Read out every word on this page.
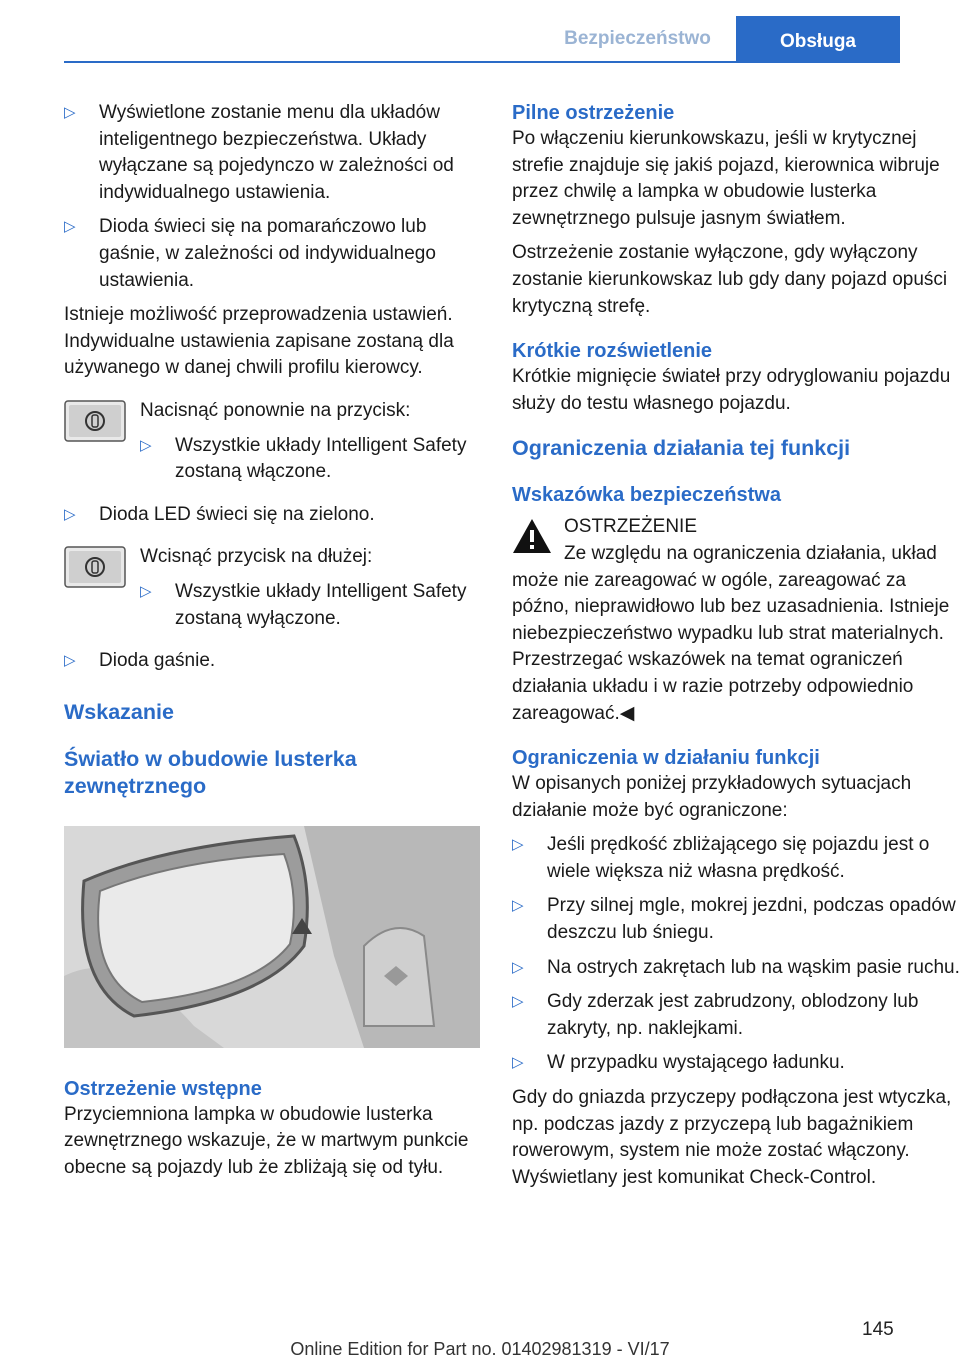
Bezpieczeństwo	Obsługa
▷ Wyświetlone zostanie menu dla układów inteligentnego bezpieczeństwa. Układy wyłączane są pojedynczo w zależności od indywidualnego ustawienia.
▷ Dioda świeci się na pomarańczowo lub gaśnie, w zależności od indywidualnego ustawienia.

Istnieje możliwość przeprowadzenia ustawień. Indywidualne ustawienia zapisane zostaną dla używanego w danej chwili profilu kierowcy.

Nacisnąć ponownie na przycisk:

▷ Wszystkie układy Intelligent Safety zostaną włączone.
▷ Dioda LED świeci się na zielono.

Wcisnąć przycisk na dłużej:

▷ Wszystkie układy Intelligent Safety zostaną wyłączone.
▷ Dioda gaśnie.
Wskazanie
Światło w obudowie lusterka zewnętrznego
Ostrzeżenie wstępne

Przyciemniona lampka w obudowie lusterka zewnętrznego wskazuje, że w martwym punkcie obecne są pojazdy lub że zbliżają się od tyłu.

Pilne ostrzeżenie

Po włączeniu kierunkowskazu, jeśli w krytycznej strefie znajduje się jakiś pojazd, kierownica wibruje przez chwilę a lampka w obudowie lusterka zewnętrznego pulsuje jasnym światłem.

Ostrzeżenie zostanie wyłączone, gdy wyłączony zostanie kierunkowskaz lub gdy dany pojazd opuści krytyczną strefę.

Krótkie rozświetlenie

Krótkie mignięcie świateł przy odryglowaniu pojazdu służy do testu własnego pojazdu.

Ograniczenia działania tej funkcji
Wskazówka bezpieczeństwa
OSTRZEŻENIE

Ze względu na ograniczenia działania, układ może nie zareagować w ogóle, zareagować za późno, nieprawidłowo lub bez uzasadnienia. Istnieje niebezpieczeństwo wypadku lub strat materialnych. Przestrzegać wskazówek na temat ograniczeń działania układu i w razie potrzeby odpowiednio zareagować.◀

Ograniczenia w działaniu funkcji

W opisanych poniżej przykładowych sytuacjach działanie może być ograniczone:

▷ Jeśli prędkość zbliżającego się pojazdu jest o wiele większa niż własna prędkość.
▷ Przy silnej mgle, mokrej jezdni, podczas opadów deszczu lub śniegu.
▷ Na ostrych zakrętach lub na wąskim pasie ruchu.
▷ Gdy zderzak jest zabrudzony, oblodzony lub zakryty, np. naklejkami.
▷ W przypadku wystającego ładunku.

Gdy do gniazda przyczepy podłączona jest wtyczka, np. podczas jazdy z przyczepą lub bagażnikiem rowerowym, system nie może zostać włączony. Wyświetlany jest komunikat Check-Control.

145
Online Edition for Part no. 01402981319 - VI/17
